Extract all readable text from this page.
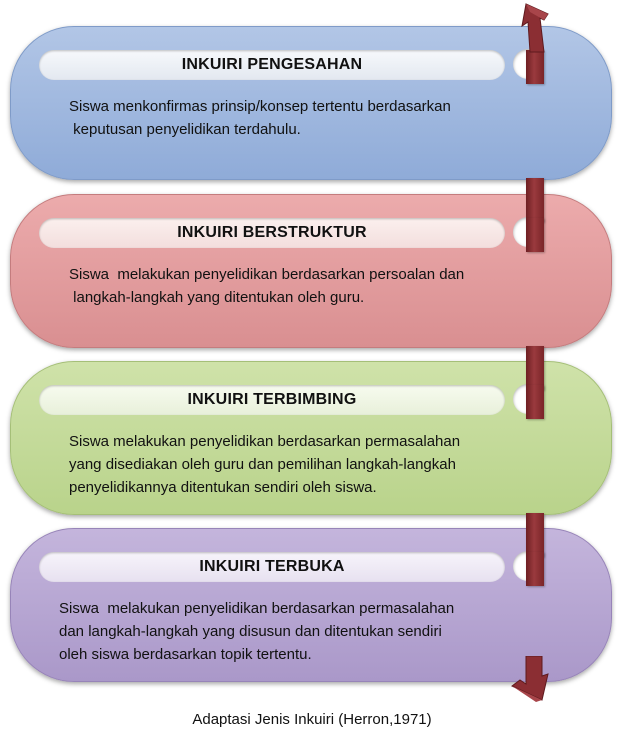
INKUIRI PENGESAHAN

Siswa menkonfirmas prinsip/konsep tertentu berdasarkan
keputusan penyelidikan terdahulu.

INKUIRI BERSTRUKTUR

Siswa  melakukan penyelidikan berdasarkan persoalan dan
langkah-langkah yang ditentukan oleh guru.

INKUIRI TERBIMBING

Siswa melakukan penyelidikan berdasarkan permasalahan
yang disediakan oleh guru dan pemilihan langkah-langkah
penyelidikannya ditentukan sendiri oleh siswa.

INKUIRI TERBUKA

Siswa  melakukan penyelidikan berdasarkan permasalahan
dan langkah-langkah yang disusun dan ditentukan sendiri
oleh siswa berdasarkan topik tertentu.

Adaptasi Jenis Inkuiri (Herron,1971)
